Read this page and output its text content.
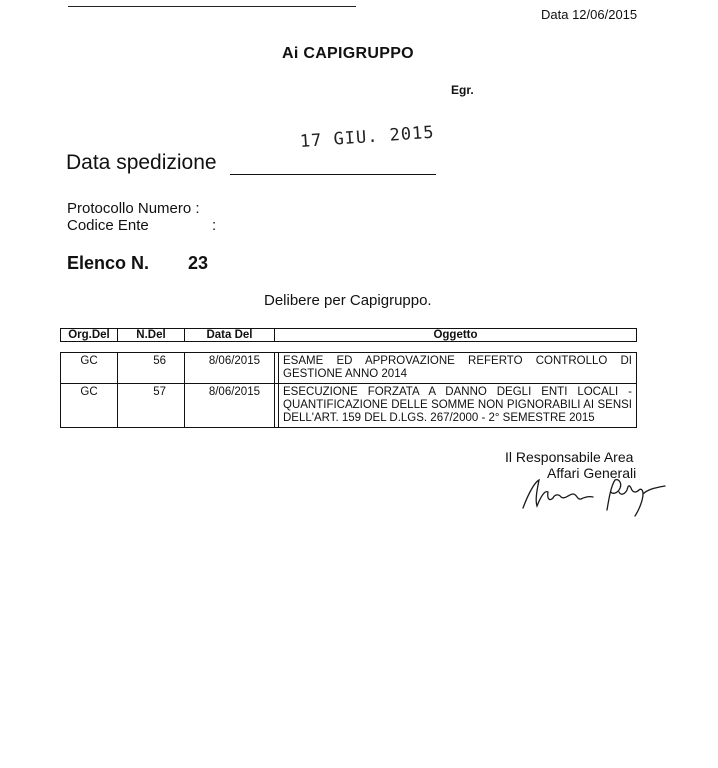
Data 12/06/2015
Ai CAPIGRUPPO
Egr.
Data spedizione
17 GIU. 2015
Protocollo Numero :
Codice Ente	:
Elenco N. 23
Delibere per Capigruppo.
Org.Del	N.Del	Data Del	Oggetto
GC	56	8/06/2015	ESAME ED APPROVAZIONE REFERTO CONTROLLO DI GESTIONE ANNO 2014
GC	57	8/06/2015	ESECUZIONE FORZATA A DANNO DEGLI ENTI LOCALI - QUANTIFICAZIONE DELLE SOMME NON PIGNORABILI AI SENSI DELL'ART. 159 DEL D.LGS. 267/2000 - 2° SEMESTRE 2015
Il Responsabile Area
Affari Generali
